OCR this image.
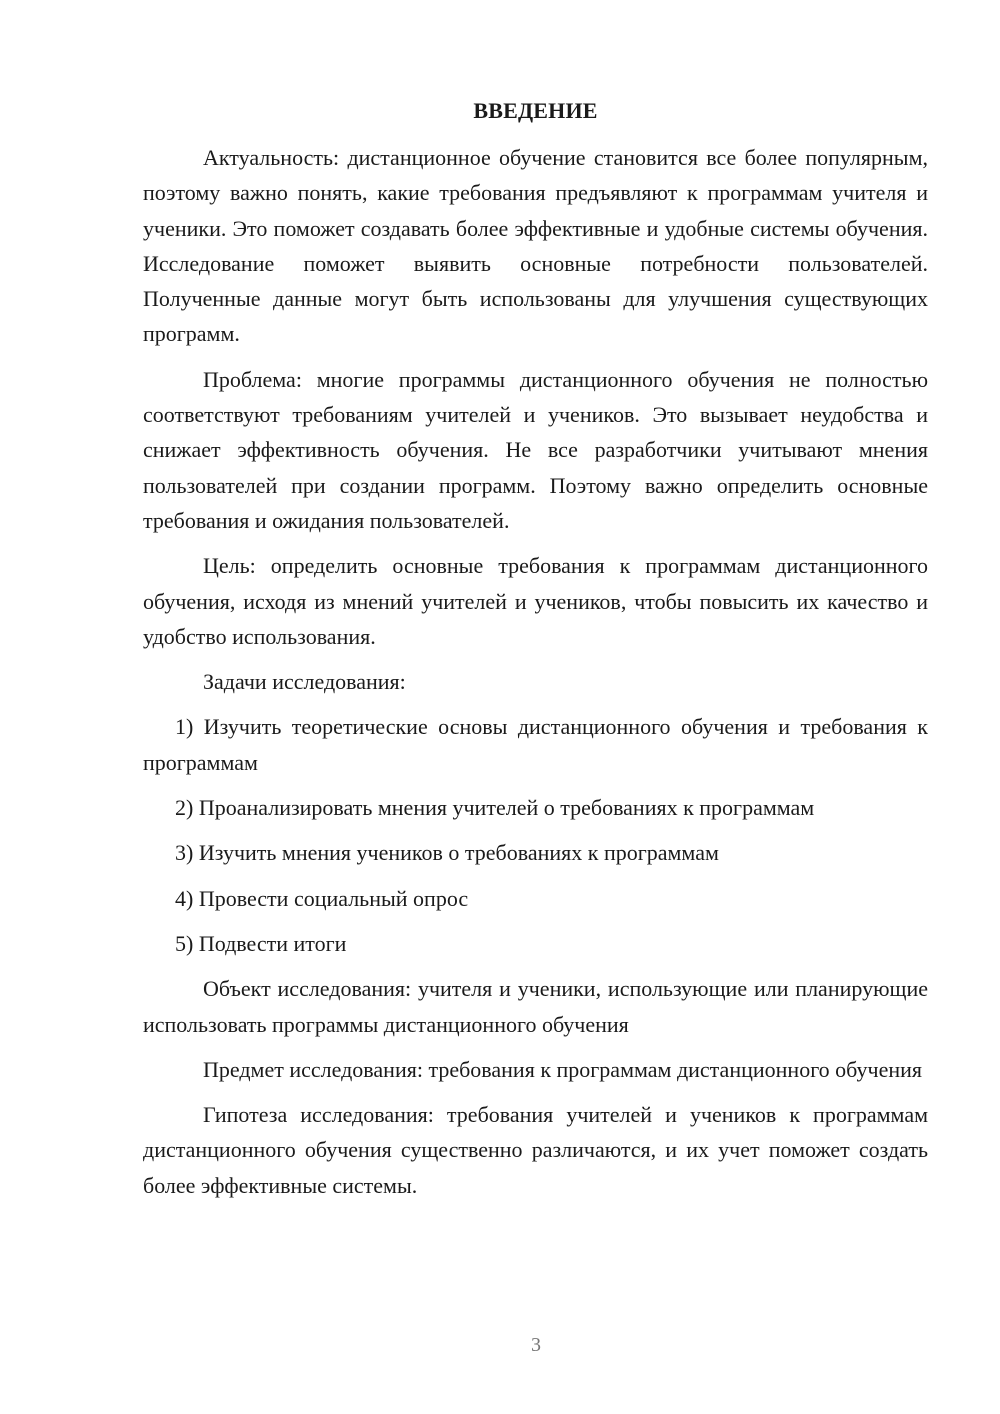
ВВЕДЕНИЕ

Актуальность: дистанционное обучение становится все более популярным, поэтому важно понять, какие требования предъявляют к программам учителя и ученики. Это поможет создавать более эффективные и удобные системы обучения. Исследование поможет выявить основные потребности пользователей. Полученные данные могут быть использованы для улучшения существующих программ.

Проблема: многие программы дистанционного обучения не полностью соответствуют требованиям учителей и учеников. Это вызывает неудобства и снижает эффективность обучения. Не все разработчики учитывают мнения пользователей при создании программ. Поэтому важно определить основные требования и ожидания пользователей.

Цель: определить основные требования к программам дистанционного обучения, исходя из мнений учителей и учеников, чтобы повысить их качество и удобство использования.

Задачи исследования:

1) Изучить теоретические основы дистанционного обучения и требования к программам

2) Проанализировать мнения учителей о требованиях к программам

3) Изучить мнения учеников о требованиях к программам

4) Провести социальный опрос

5) Подвести итоги

Объект исследования: учителя и ученики, использующие или планирующие использовать программы дистанционного обучения

Предмет исследования: требования к программам дистанционного обучения

Гипотеза исследования: требования учителей и учеников к программам дистанционного обучения существенно различаются, и их учет поможет создать более эффективные системы.

3
